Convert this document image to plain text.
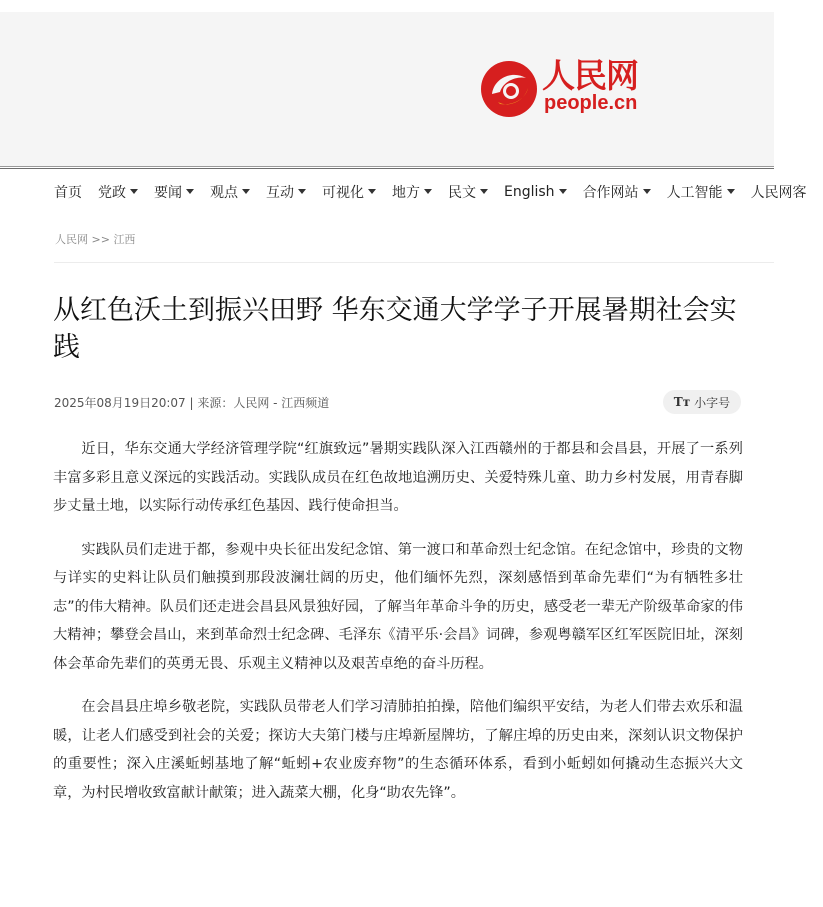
人民网
people.cn
首页 党政 要闻 观点 互动 可视化 地方 民文 English 合作网站 人工智能 人民网客
人民网 >> 江西
从红色沃土到振兴田野 华东交通大学学子开展暑期社会实践
2025年08月19日20:07 | 来源：人民网 - 江西频道	Tт 小字号

近日，华东交通大学经济管理学院“红旗致远”暑期实践队深入江西赣州的于都县和会昌县，开展了一系列丰富多彩且意义深远的实践活动。实践队成员在红色故地追溯历史、关爱特殊儿童、助力乡村发展，用青春脚步丈量土地，以实际行动传承红色基因、践行使命担当。

实践队员们走进于都，参观中央长征出发纪念馆、第一渡口和革命烈士纪念馆。在纪念馆中，珍贵的文物与详实的史料让队员们触摸到那段波澜壮阔的历史，他们缅怀先烈，深刻感悟到革命先辈们“为有牺牲多壮志”的伟大精神。队员们还走进会昌县风景独好园，了解当年革命斗争的历史，感受老一辈无产阶级革命家的伟大精神；攀登会昌山，来到革命烈士纪念碑、毛泽东《清平乐·会昌》词碑，参观粤赣军区红军医院旧址，深刻体会革命先辈们的英勇无畏、乐观主义精神以及艰苦卓绝的奋斗历程。

在会昌县庄埠乡敬老院，实践队员带老人们学习清肺拍拍操，陪他们编织平安结，为老人们带去欢乐和温暖，让老人们感受到社会的关爱；探访大夫第门楼与庄埠新屋牌坊，了解庄埠的历史由来，深刻认识文物保护的重要性；深入庄溪蚯蚓基地了解“蚯蚓+农业废弃物”的生态循环体系，看到小蚯蚓如何撬动生态振兴大文章，为村民增收致富献计献策；进入蔬菜大棚，化身“助农先锋”。
